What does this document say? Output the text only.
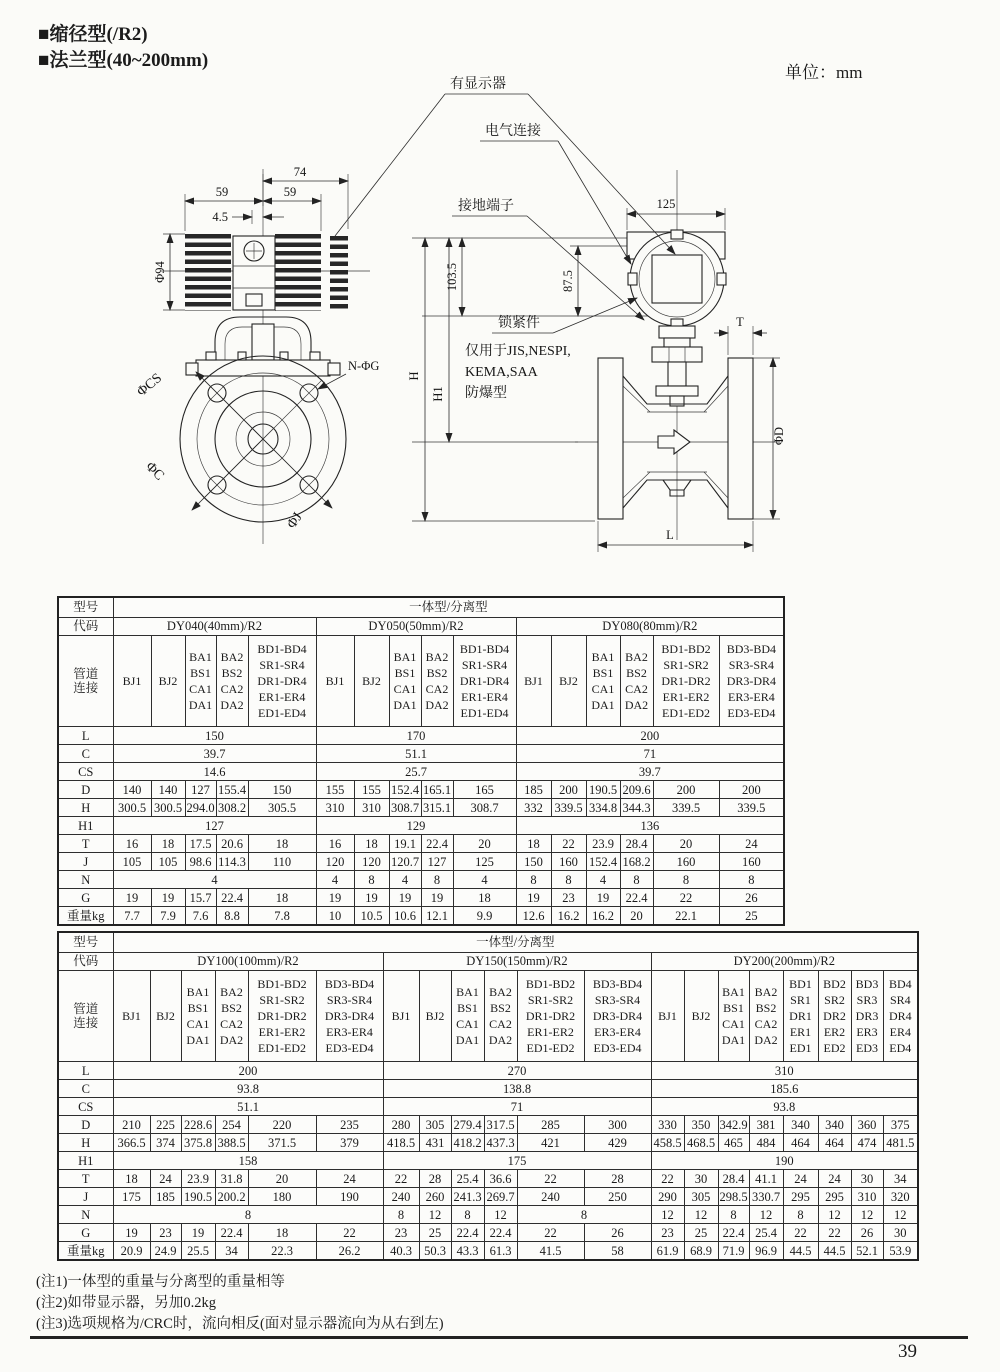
■缩径型(/R2)
■法兰型(40~200mm)
单位：mm
ΦCS
ΦC
ΦJ
N-ΦG
74
59	59
4.5
Φ94
H
H1
103.5	87.5
T
ΦD
L
125
有显示器
电气连接
接地端子
锁紧件
仅用于JIS,NESPI,
KEMA,SAA
防爆型
型号	一体型/分离型															
代码	DY040(40mm)/R2					DY050(50mm)/R2					DY080(80mm)/R2					
管道
连接	BJ1	BJ2	BA1
BS1
CA1
DA1	BA2
BS2
CA2
DA2	BD1-BD4
SR1-SR4
DR1-DR4
ER1-ER4
ED1-ED4	BJ1	BJ2	BA1
BS1
CA1
DA1	BA2
BS2
CA2
DA2	BD1-BD4
SR1-SR4
DR1-DR4
ER1-ER4
ED1-ED4	BJ1	BJ2	BA1
BS1
CA1
DA1	BA2
BS2
CA2
DA2	BD1-BD2
SR1-SR2
DR1-DR2
ER1-ER2
ED1-ED2	BD3-BD4
SR3-SR4
DR3-DR4
ER3-ER4
ED3-ED4
L	150					170					200					
C	39.7					51.1					71					
CS	14.6					25.7					39.7					
D	140	140	127	155.4	150	155	155	152.4	165.1	165	185	200	190.5	209.6	200	200
H	300.5	300.5	294.0	308.2	305.5	310	310	308.7	315.1	308.7	332	339.5	334.8	344.3	339.5	339.5
H1	127					129					136					
T	16	18	17.5	20.6	18	16	18	19.1	22.4	20	18	22	23.9	28.4	20	24
J	105	105	98.6	114.3	110	120	120	120.7	127	125	150	160	152.4	168.2	160	160
N	4					4	8	4	8	4	8	8	4	8	8	8
G	19	19	15.7	22.4	18	19	19	19	19	18	19	23	19	22.4	22	26
重量kg	7.7	7.9	7.6	8.8	7.8	10	10.5	10.6	12.1	9.9	12.6	16.2	16.2	20	22.1	25
型号	一体型/分离型																			
代码	DY100(100mm)/R2						DY150(150mm)/R2						DY200(200mm)/R2							
管道
连接	BJ1	BJ2	BA1
BS1
CA1
DA1	BA2
BS2
CA2
DA2	BD1-BD2
SR1-SR2
DR1-DR2
ER1-ER2
ED1-ED2	BD3-BD4
SR3-SR4
DR3-DR4
ER3-ER4
ED3-ED4	BJ1	BJ2	BA1
BS1
CA1
DA1	BA2
BS2
CA2
DA2	BD1-BD2
SR1-SR2
DR1-DR2
ER1-ER2
ED1-ED2	BD3-BD4
SR3-SR4
DR3-DR4
ER3-ER4
ED3-ED4	BJ1	BJ2	BA1
BS1
CA1
DA1	BA2
BS2
CA2
DA2	BD1
SR1
DR1
ER1
ED1	BD2
SR2
DR2
ER2
ED2	BD3
SR3
DR3
ER3
ED3	BD4
SR4
DR4
ER4
ED4
L	200						270						310							
C	93.8						138.8						185.6							
CS	51.1						71						93.8							
D	210	225	228.6	254	220	235	280	305	279.4	317.5	285	300	330	350	342.9	381	340	340	360	375
H	366.5	374	375.8	388.5	371.5	379	418.5	431	418.2	437.3	421	429	458.5	468.5	465	484	464	464	474	481.5
H1	158						175						190							
T	18	24	23.9	31.8	20	24	22	28	25.4	36.6	22	28	22	30	28.4	41.1	24	24	30	34
J	175	185	190.5	200.2	180	190	240	260	241.3	269.7	240	250	290	305	298.5	330.7	295	295	310	320
N	8						8	12	8	12	8		12	12	8	12	8	12	12	12
G	19	23	19	22.4	18	22	23	25	22.4	22.4	22	26	23	25	22.4	25.4	22	22	26	30
重量kg	20.9	24.9	25.5	34	22.3	26.2	40.3	50.3	43.3	61.3	41.5	58	61.9	68.9	71.9	96.9	44.5	44.5	52.1	53.9
(注1)一体型的重量与分离型的重量相等
(注2)如带显示器，另加0.2kg
(注3)选项规格为/CRC时，流向相反(面对显示器流向为从右到左)
39
